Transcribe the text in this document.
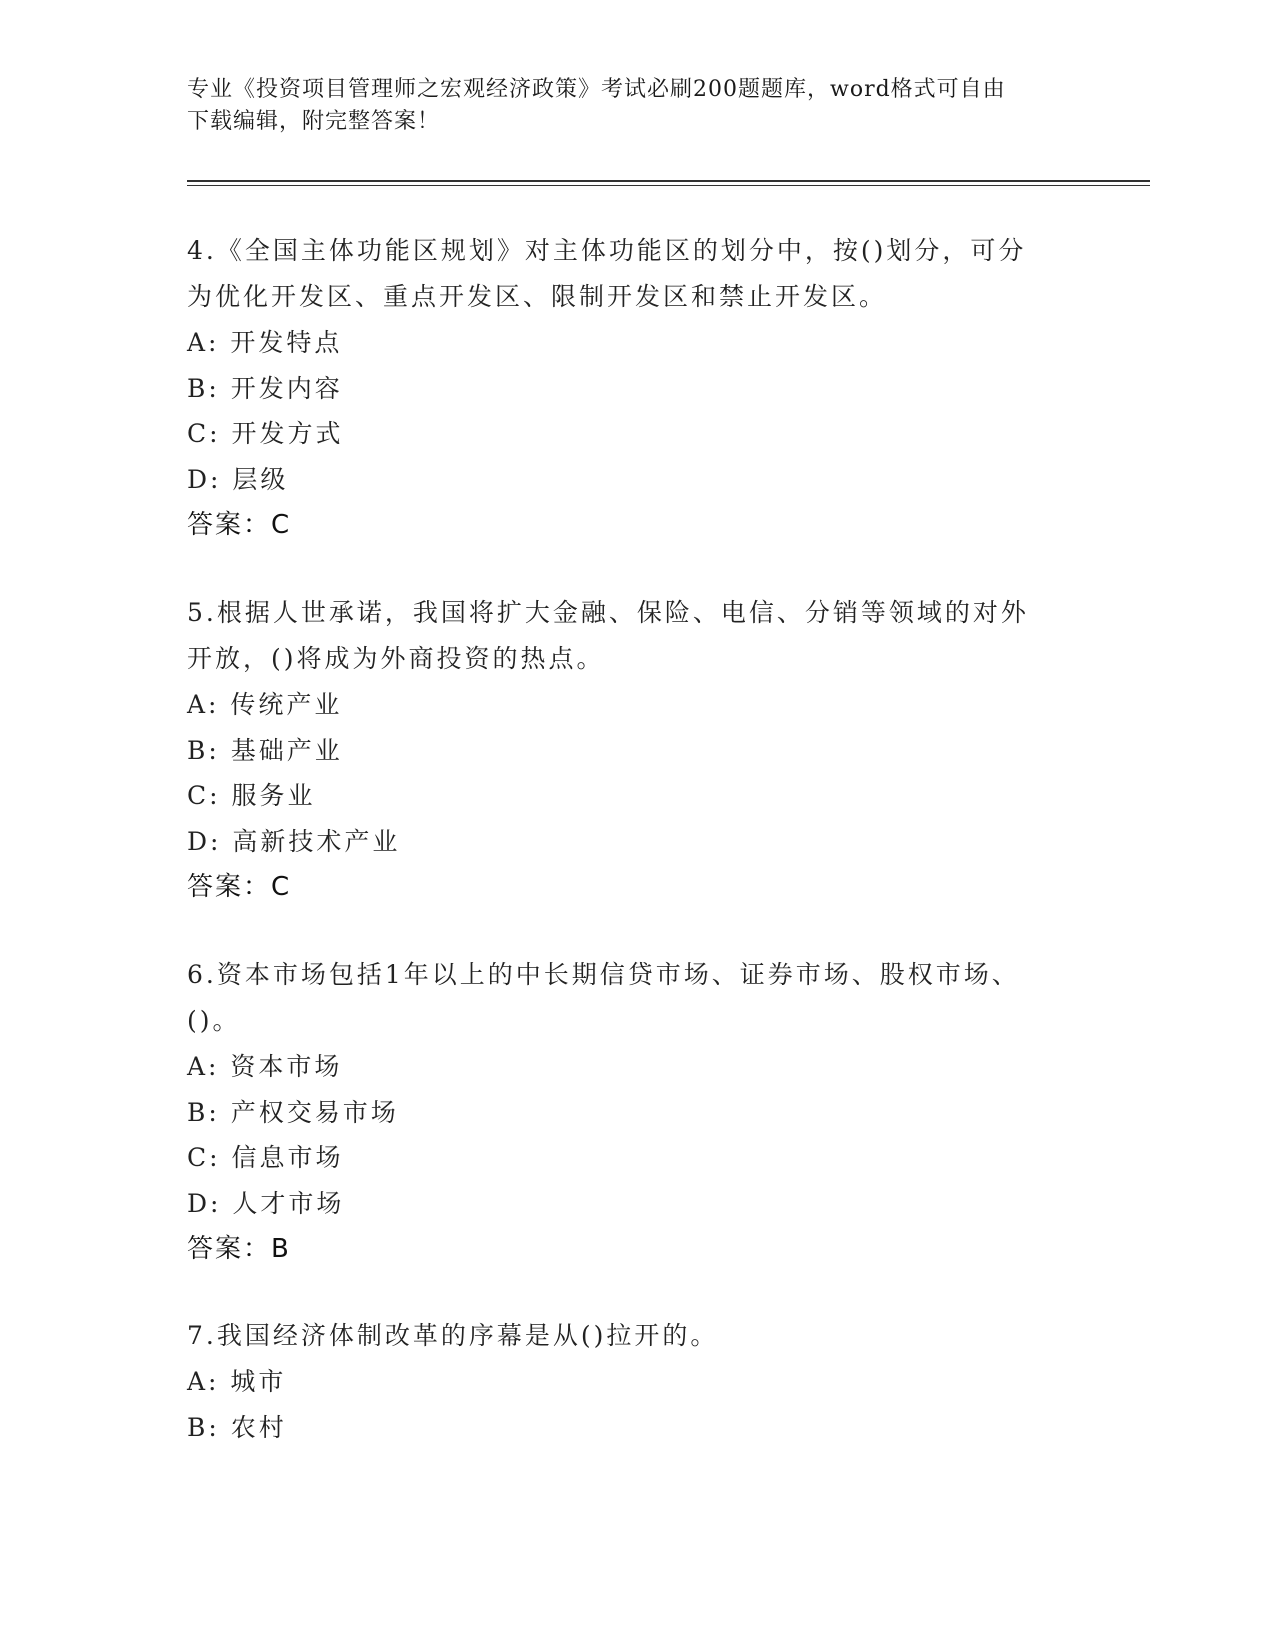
专业《投资项目管理师之宏观经济政策》考试必刷200题题库，word格式可自由
下载编辑，附完整答案！
4.《全国主体功能区规划》对主体功能区的划分中，按()划分，可分
为优化开发区、重点开发区、限制开发区和禁止开发区。
A: 开发特点
B: 开发内容
C: 开发方式
D: 层级
答案：C
5.根据人世承诺，我国将扩大金融、保险、电信、分销等领域的对外
开放，()将成为外商投资的热点。
A: 传统产业
B: 基础产业
C: 服务业
D: 高新技术产业
答案：C
6.资本市场包括1年以上的中长期信贷市场、证券市场、股权市场、
()。
A: 资本市场
B: 产权交易市场
C: 信息市场
D: 人才市场
答案：B
7.我国经济体制改革的序幕是从()拉开的。
A: 城市
B: 农村
